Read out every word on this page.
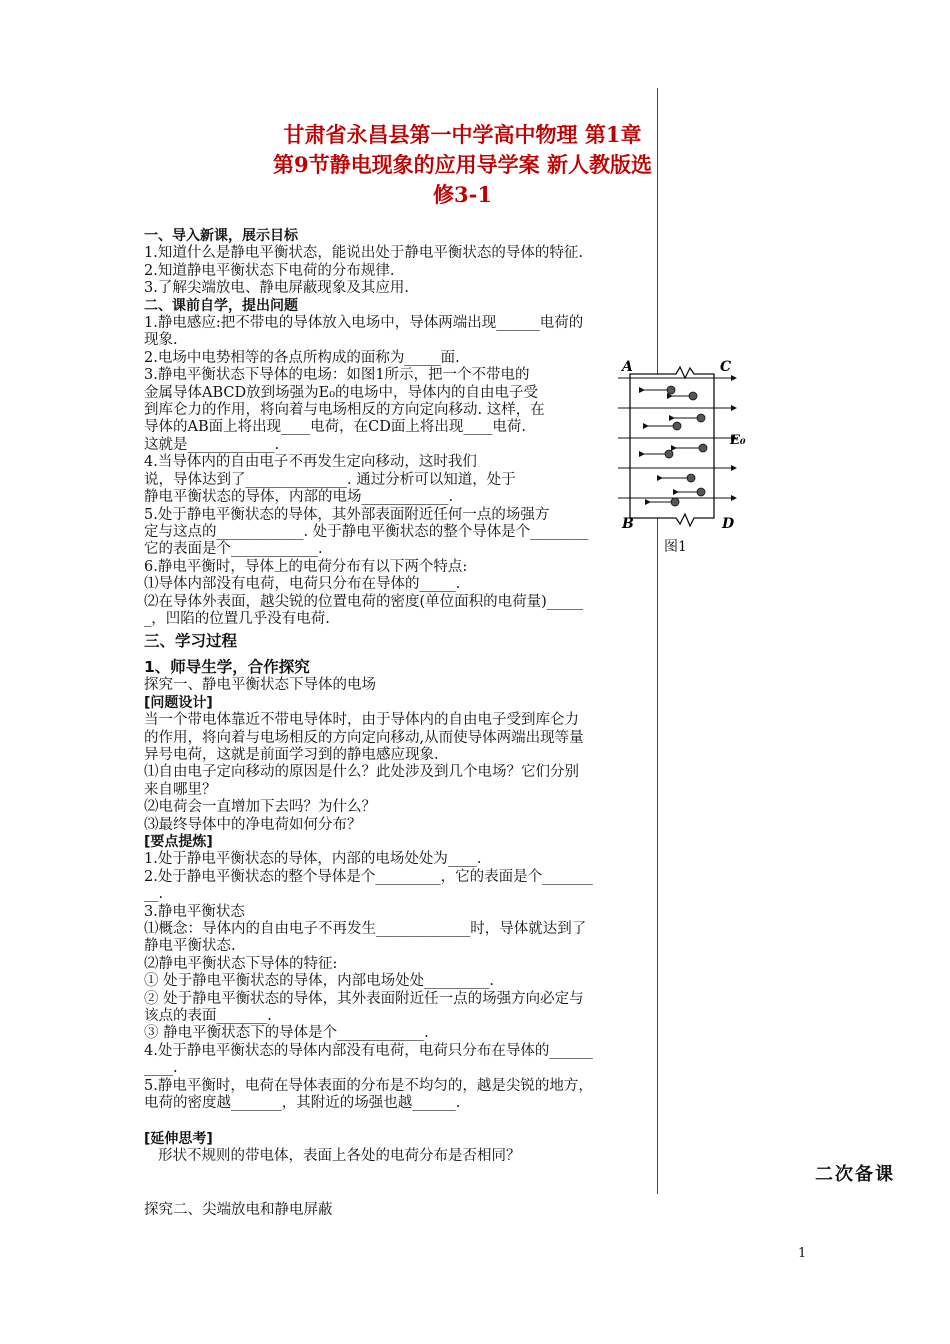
甘肃省永昌县第一中学高中物理 第1章 第9节静电现象的应用导学案 新人教版选修3-1

一、导入新课，展示目标

1.知道什么是静电平衡状态，能说出处于静电平衡状态的导体的特征.

2.知道静电平衡状态下电荷的分布规律.

3.了解尖端放电、静电屏蔽现象及其应用.

二、课前自学，提出问题

1.静电感应:把不带电的导体放入电场中，导体两端出现______电荷的

现象.

2.电场中电势相等的各点所构成的面称为_____面.

3.静电平衡状态下导体的电场：如图1所示，把一个不带电的

金属导体ABCD放到场强为E₀的电场中，导体内的自由电子受

到库仑力的作用，将向着与电场相反的方向定向移动. 这样，在

导体的AB面上将出现____电荷，在CD面上将出现____电荷.

这就是____________.

4.当导体内的自由电子不再发生定向移动，这时我们

说，导体达到了______________. 通过分析可以知道，处于

静电平衡状态的导体，内部的电场____________.

5.处于静电平衡状态的导体，其外部表面附近任何一点的场强方

定与这点的____________. 处于静电平衡状态的整个导体是个________

它的表面是个____________.

6.静电平衡时，导体上的电荷分布有以下两个特点:

⑴导体内部没有电荷，电荷只分布在导体的_____.

⑵在导体外表面，越尖锐的位置电荷的密度(单位面积的电荷量)_____

_，凹陷的位置几乎没有电荷.

三、学习过程

1、师导生学，合作探究

探究一、静电平衡状态下导体的电场

[问题设计]

当一个带电体靠近不带电导体时，由于导体内的自由电子受到库仑力

的作用，将向着与电场相反的方向定向移动,从而使导体两端出现等量

异号电荷，这就是前面学习到的静电感应现象.

⑴自由电子定向移动的原因是什么？此处涉及到几个电场？它们分别

来自哪里？

⑵电荷会一直增加下去吗？为什么？

⑶最终导体中的净电荷如何分布？

[要点提炼]

1.处于静电平衡状态的导体，内部的电场处处为____.

2.处于静电平衡状态的整个导体是个_________，它的表面是个_______

__.

3.静电平衡状态

⑴概念：导体内的自由电子不再发生_____________时，导体就达到了

静电平衡状态.

⑵静电平衡状态下导体的特征:

① 处于静电平衡状态的导体，内部电场处处_________.

② 处于静电平衡状态的导体，其外表面附近任一点的场强方向必定与

该点的表面_______.

③ 静电平衡状态下的导体是个____________.

4.处于静电平衡状态的导体内部没有电荷，电荷只分布在导体的______

____.

5.静电平衡时，电荷在导体表面的分布是不均匀的，越是尖锐的地方，

电荷的密度越_______，其附近的场强也越______.

[延伸思考]

形状不规则的带电体，表面上各处的电荷分布是否相同？

探究二、尖端放电和静电屏蔽

A	C
B	D
E₀
图1
二次备课
1
